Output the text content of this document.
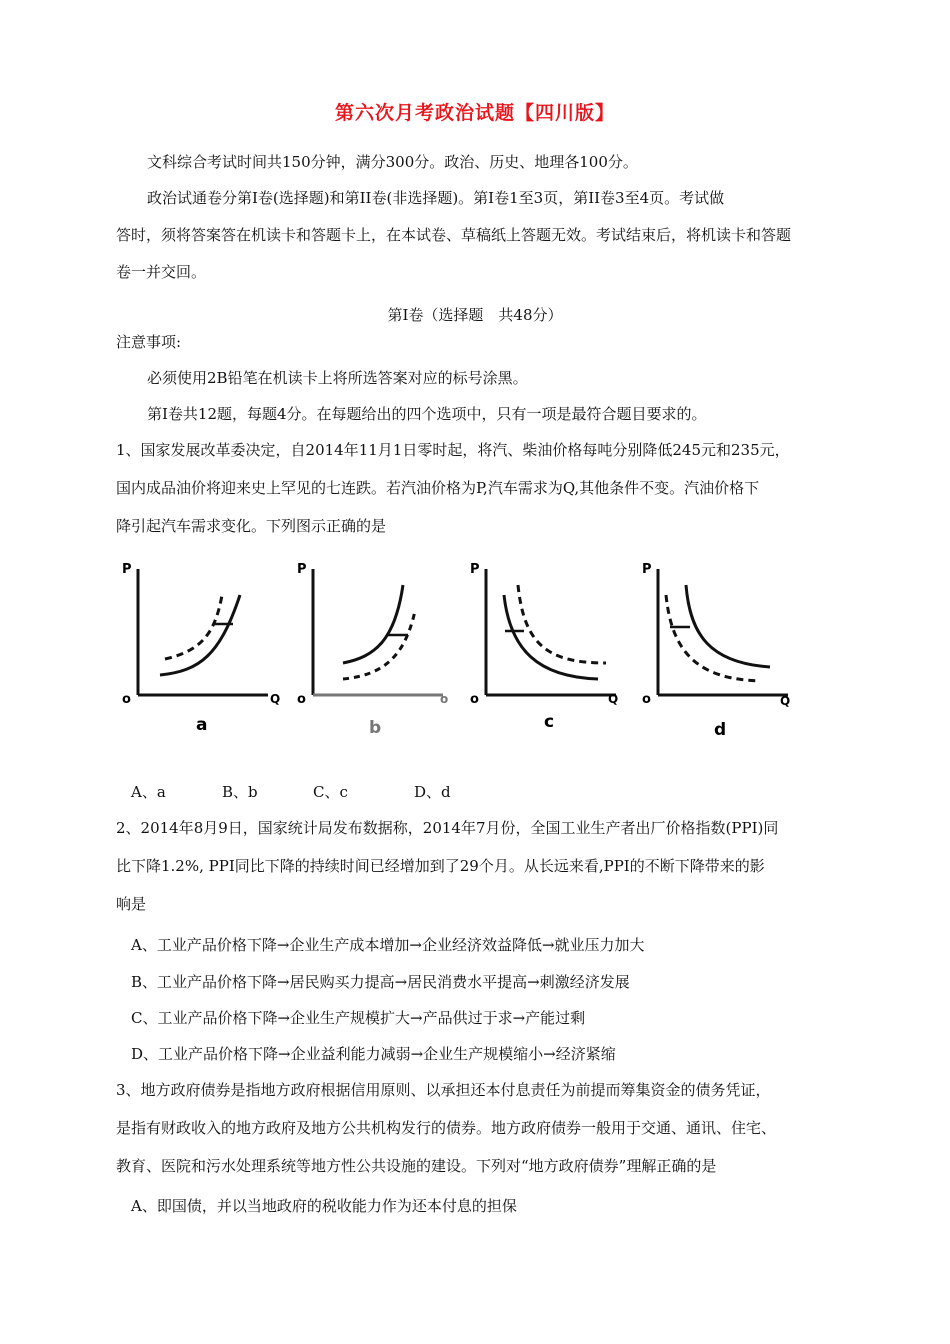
第六次月考政治试题【四川版】
文科综合考试时间共150分钟，满分300分。政治、历史、地理各100分。
政治试通卷分第I卷(选择题)和第II卷(非选择题)。第I卷1至3页，第II卷3至4页。考试做
答时，须将答案答在机读卡和答题卡上，在本试卷、草稿纸上答题无效。考试结束后，将机读卡和答题
卷一并交回。
第I卷（选择题　共48分）
注意事项:
必须使用2B铅笔在机读卡上将所选答案对应的标号涂黑。
第I卷共12题，每题4分。在每题给出的四个选项中，只有一项是最符合题目要求的。
1、国家发展改革委决定，自2014年11月1日零时起，将汽、柴油价格每吨分别降低245元和235元，
国内成品油价将迎来史上罕见的七连跌。若汽油价格为P,汽车需求为Q,其他条件不变。汽油价格下
降引起汽车需求变化。下列图示正确的是
P
Q
o
a
P
o
o
b
P
Q
o
c
P
Q
o
d
A、a	B、b	C、c	D、d
2、2014年8月9日，国家统计局发布数据称，2014年7月份，全国工业生产者出厂价格指数(PPI)同
比下降1.2%, PPI同比下降的持续时间已经增加到了29个月。从长远来看,PPI的不断下降带来的影
响是
A、工业产品价格下降→企业生产成本增加→企业经济效益降低→就业压力加大
B、工业产品价格下降→居民购买力提高→居民消费水平提高→刺激经济发展
C、工业产品价格下降→企业生产规模扩大→产品供过于求→产能过剩
D、工业产品价格下降→企业益利能力减弱→企业生产规模缩小→经济紧缩
3、地方政府债券是指地方政府根据信用原则、以承担还本付息责任为前提而筹集资金的债务凭证，
是指有财政收入的地方政府及地方公共机构发行的债券。地方政府债券一般用于交通、通讯、住宅、
教育、医院和污水处理系统等地方性公共设施的建设。下列对“地方政府债券”理解正确的是
A、即国债，并以当地政府的税收能力作为还本付息的担保
